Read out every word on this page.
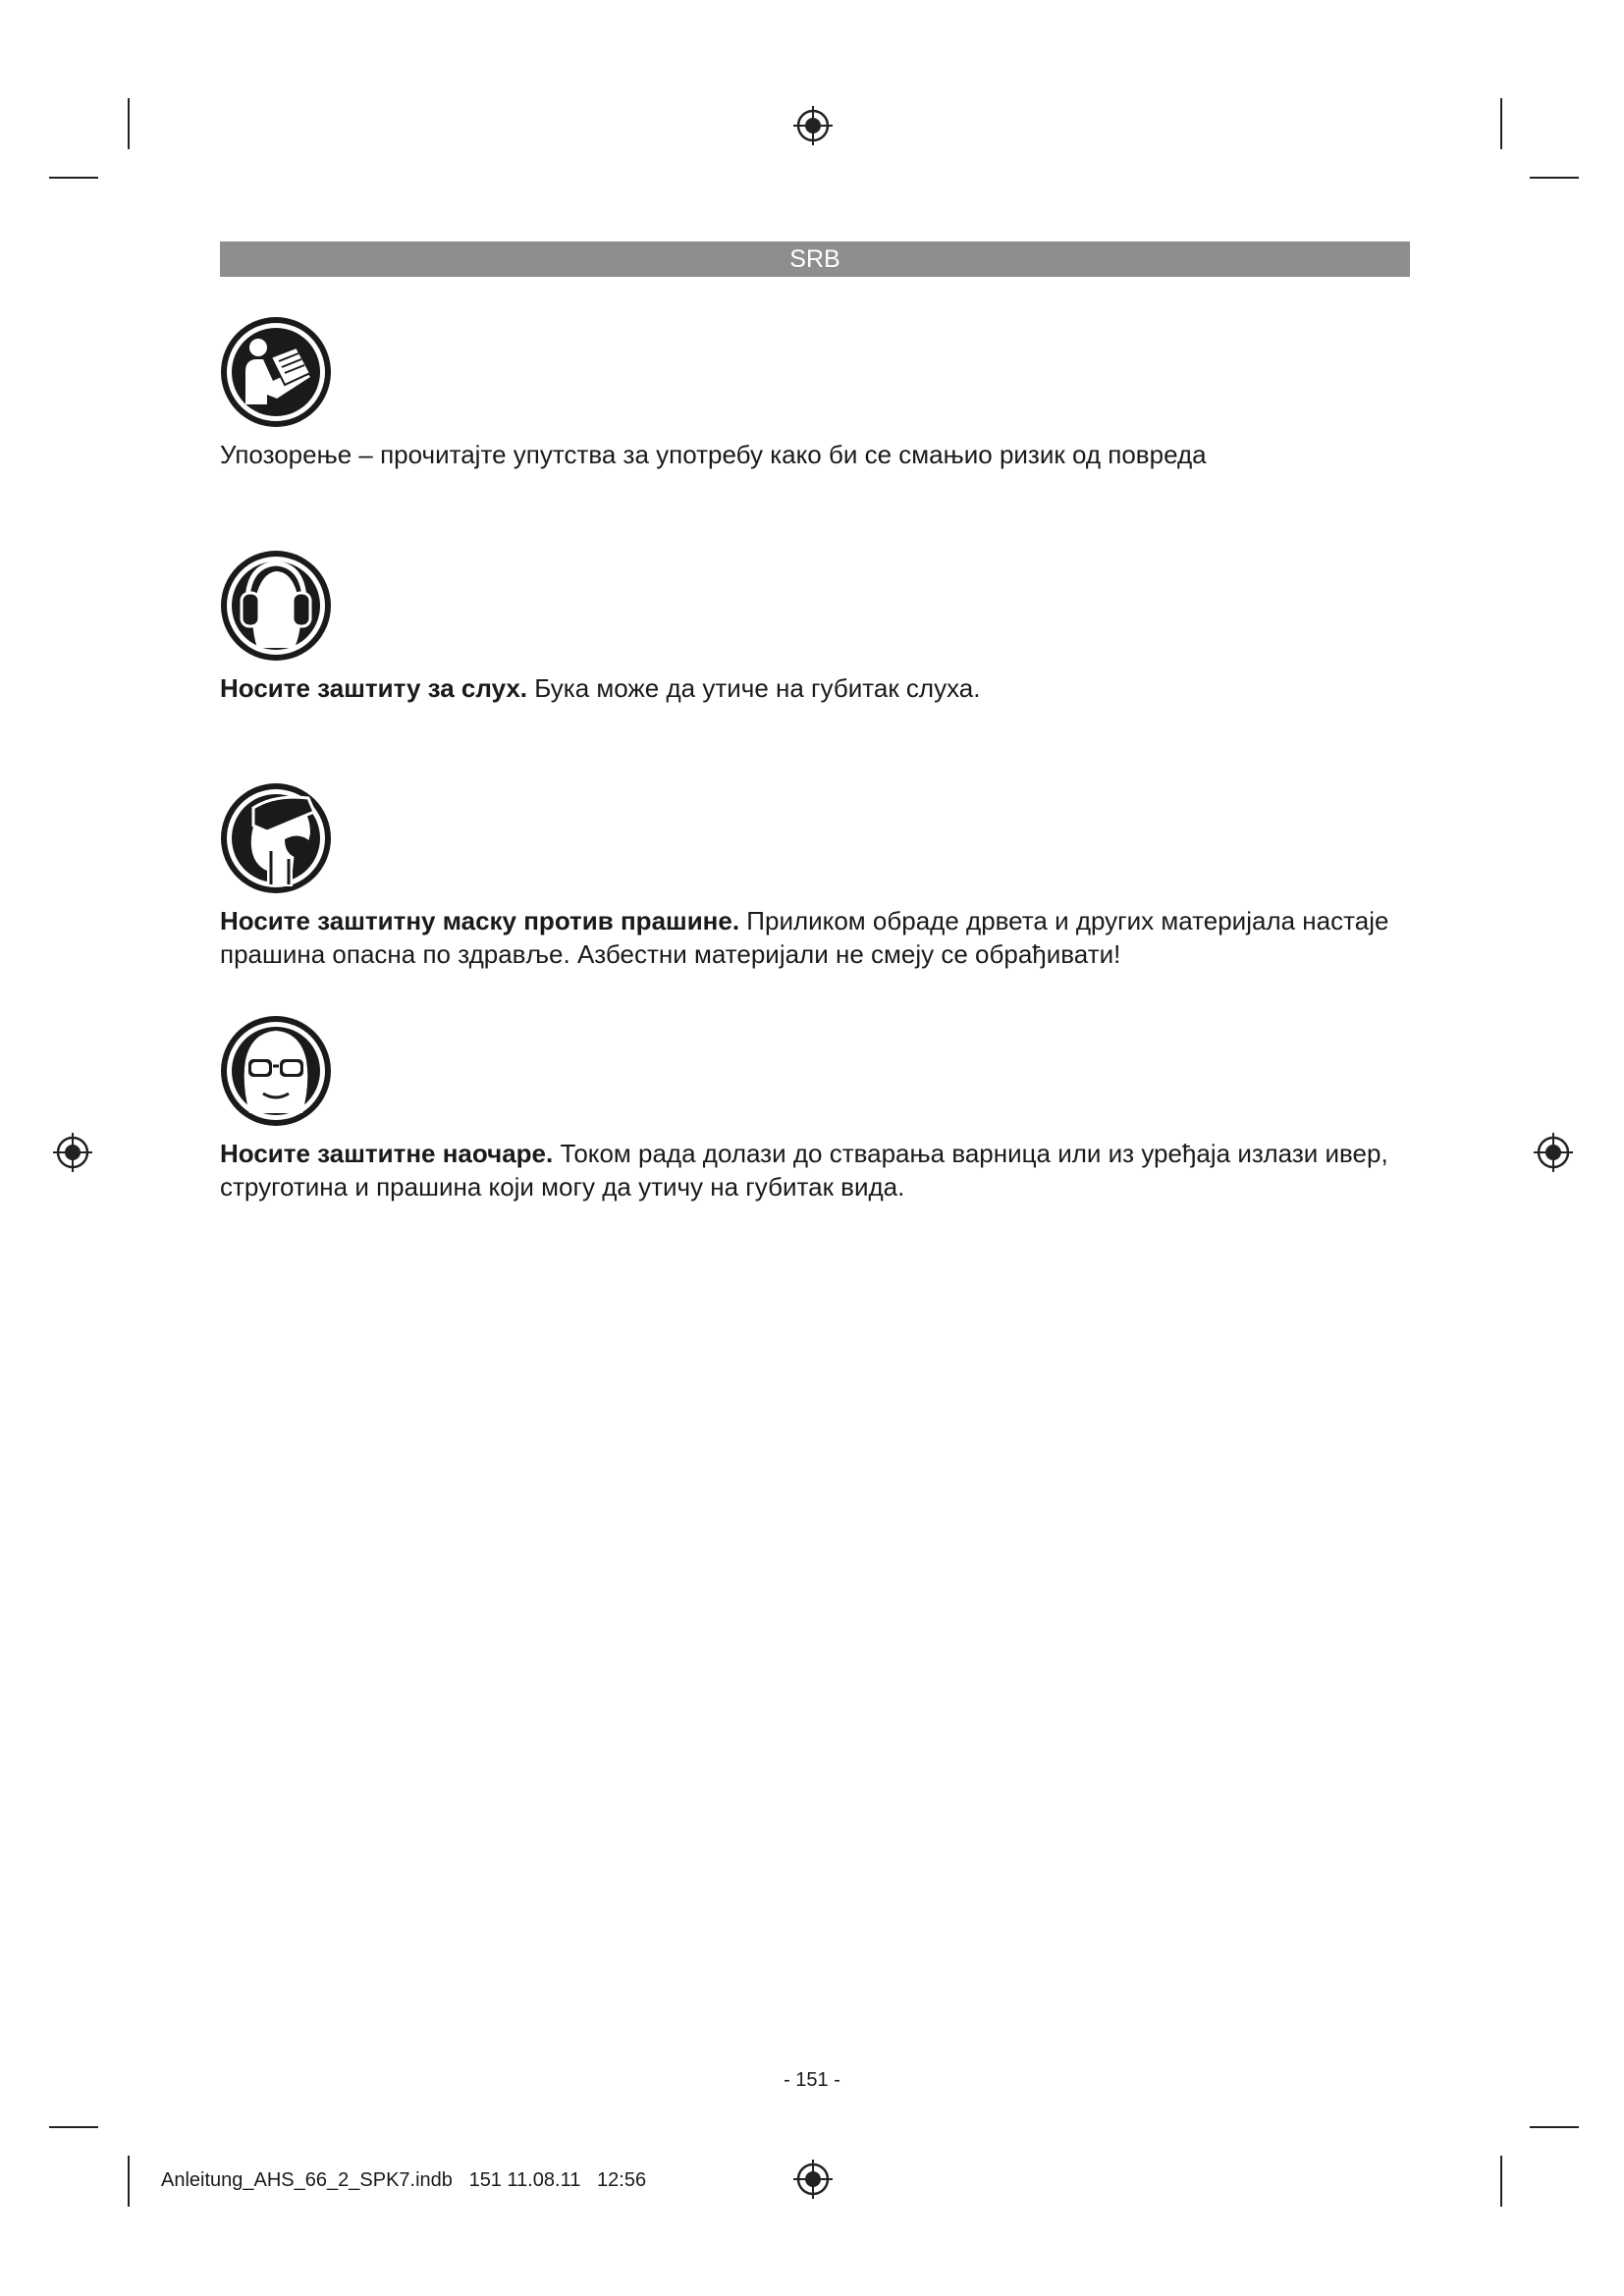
SRB
Упозорење – прочитајте упутства за употребу како би се смањио ризик од повреда
Носите заштиту за слух. Бука може да утиче на губитак слуха.
Носите заштитну маску против прашине. Приликом обраде дрвета и других материјала настаје прашина опасна по здравље. Азбестни материјали не смеју се обрађивати!
Носите заштитне наочаре. Током рада долази до стварања варница или из уређаја излази ивер, струготина и прашина који могу да утичу на губитак вида.
- 151 -
Anleitung_AHS_66_2_SPK7.indb   151 11.08.11   12:56
